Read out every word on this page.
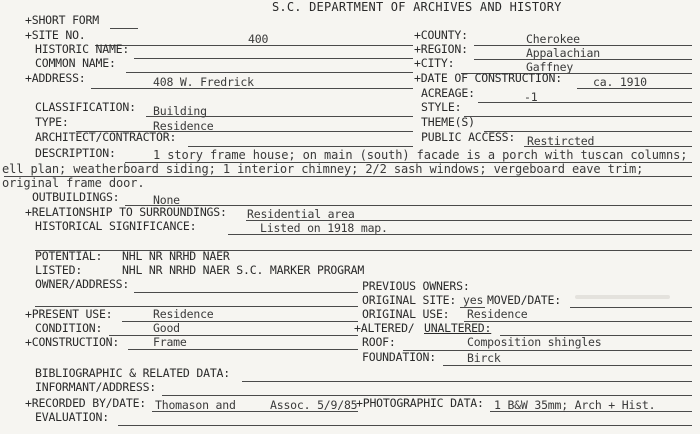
S.C. DEPARTMENT OF ARCHIVES AND HISTORY
+SHORT FORM
+SITE NO.	400	+COUNTY:	Cherokee
HISTORIC NAME:	+REGION:	Appalachian
COMMON NAME:	+CITY:	Gaffney
+ADDRESS:	408 W. Fredrick	+DATE OF CONSTRUCTION:	ca. 1910
ACREAGE:	-1
CLASSIFICATION: Building	STYLE:
TYPE:	Residence	THEME(S)
ARCHITECT/CONTRACTOR:	PUBLIC ACCESS: Restircted
DESCRIPTION:	1 story frame house; on main (south) facade is a porch with tuscan columns;
ell plan; weatherboard siding; 1 interior chimney; 2/2 sash windows; vergeboard eave trim;
original frame door.
OUTBUILDINGS:	None
+RELATIONSHIP TO SURROUNDINGS: Residential area
HISTORICAL SIGNIFICANCE:	Listed on 1918 map.
POTENTIAL: NHL NR NRHD NAER
LISTED:	NHL NR NRHD NAER S.C. MARKER PROGRAM
OWNER/ADDRESS:	PREVIOUS OWNERS:
ORIGINAL SITE: yes MOVED/DATE:
+PRESENT USE:	Residence	ORIGINAL USE: Residence
CONDITION:	Good	+ALTERED/ UNALTERED:
+CONSTRUCTION:	Frame	ROOF:	Composition shingles
FOUNDATION:	Birck
BIBLIOGRAPHIC & RELATED DATA:
INFORMANT/ADDRESS:
+RECORDED BY/DATE: Thomason and	Assoc. 5/9/85
+PHOTOGRAPHIC DATA: 1 B&W 35mm; Arch + Hist.
EVALUATION:
